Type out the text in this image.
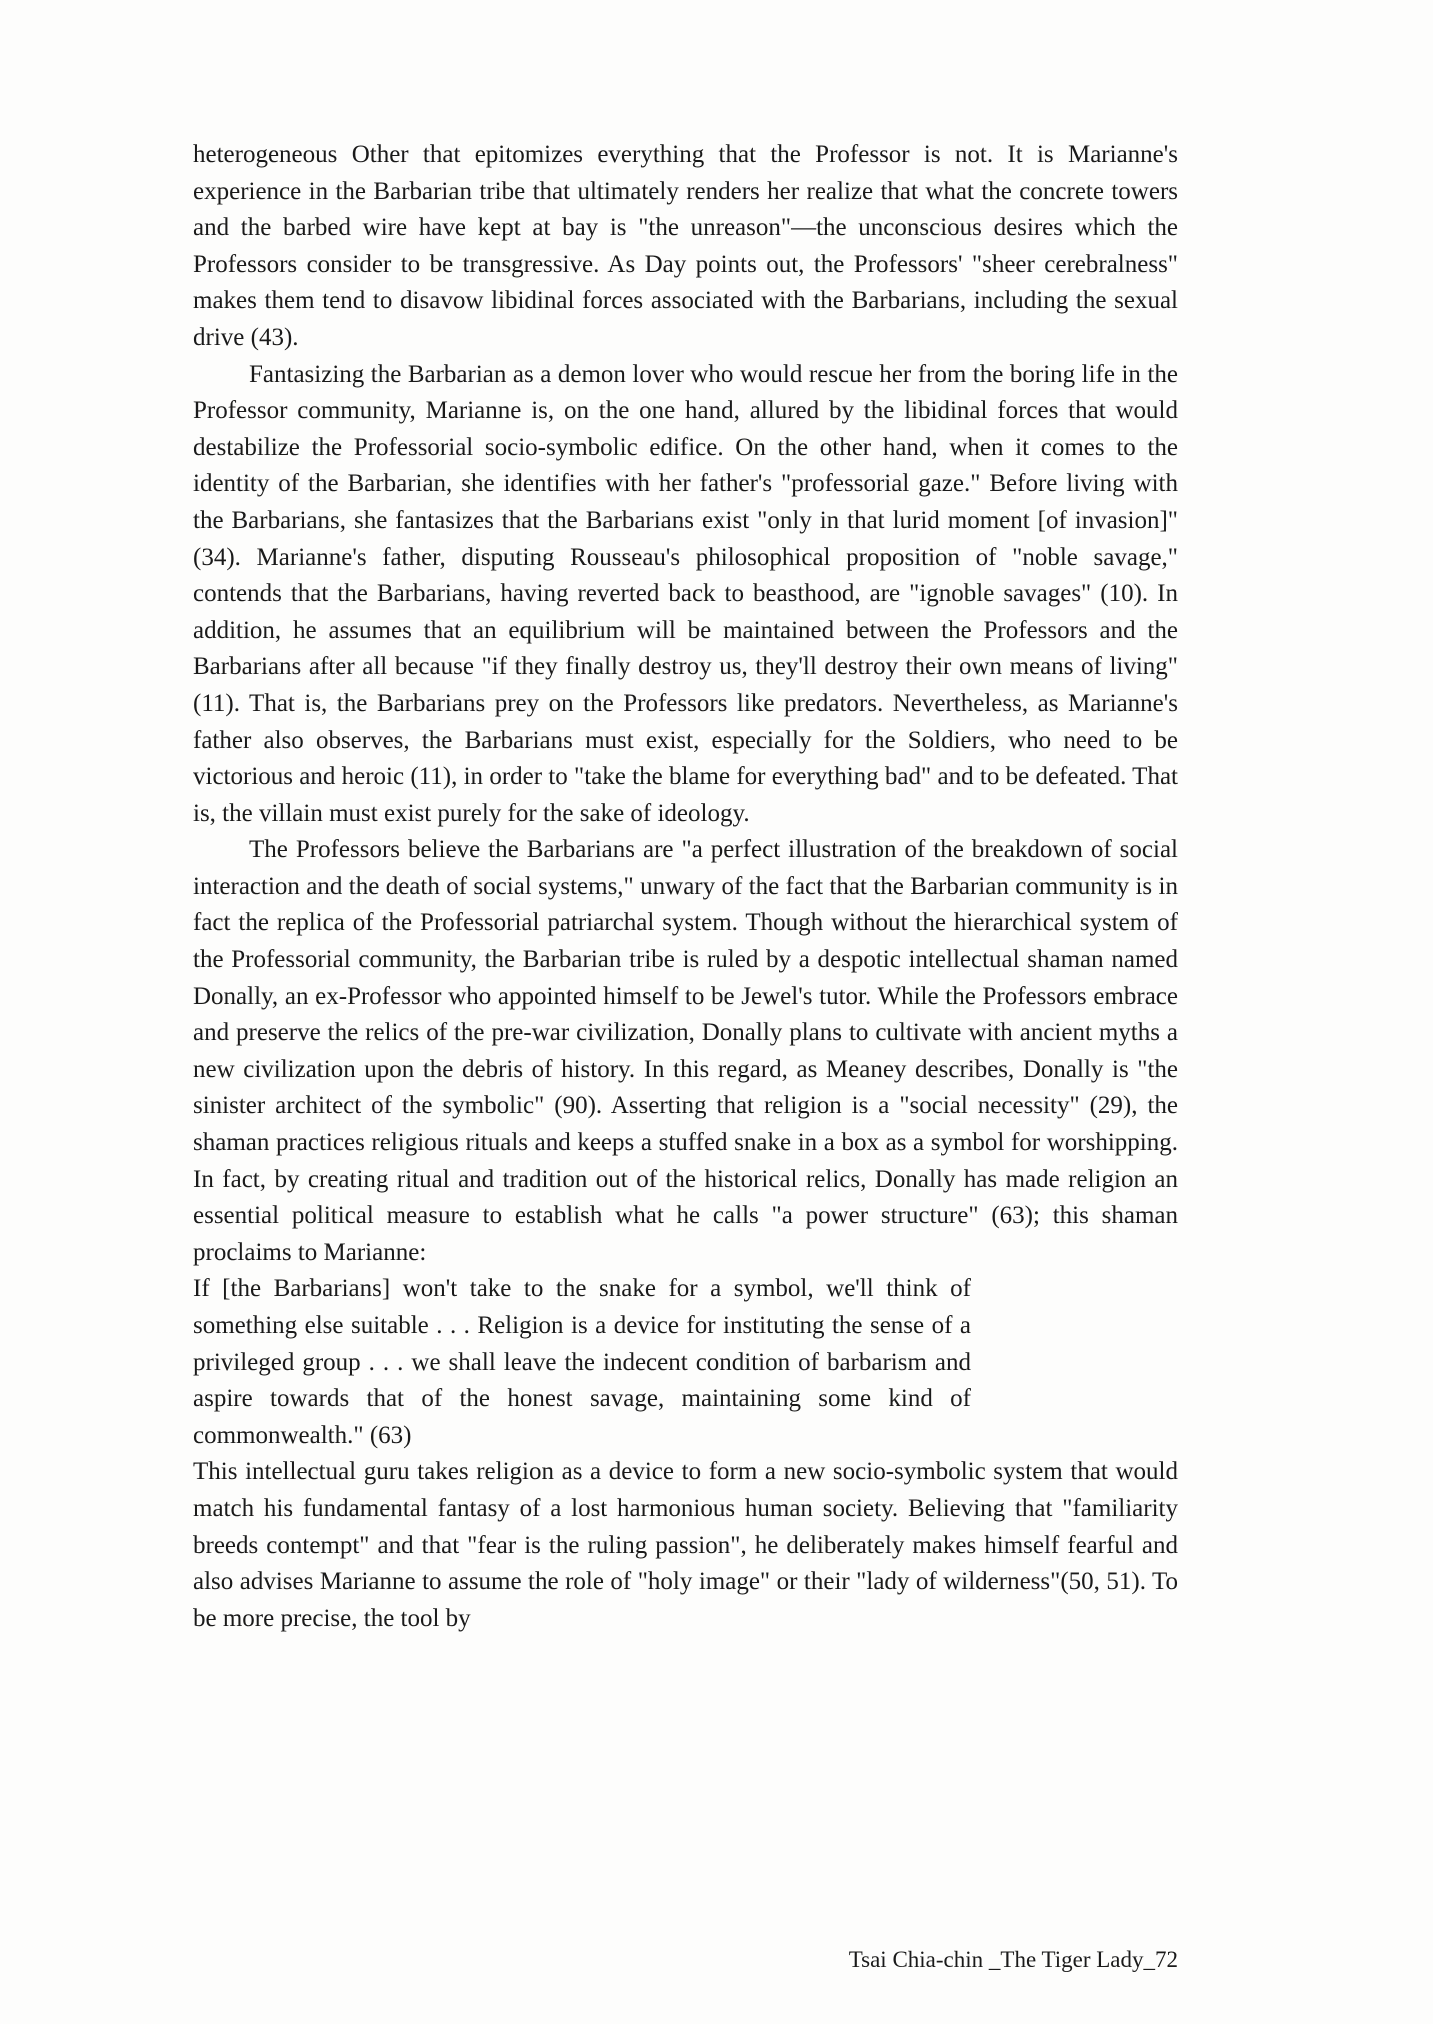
heterogeneous Other that epitomizes everything that the Professor is not. It is Marianne's experience in the Barbarian tribe that ultimately renders her realize that what the concrete towers and the barbed wire have kept at bay is "the unreason"—the unconscious desires which the Professors consider to be transgressive. As Day points out, the Professors' "sheer cerebralness" makes them tend to disavow libidinal forces associated with the Barbarians, including the sexual drive (43).

Fantasizing the Barbarian as a demon lover who would rescue her from the boring life in the Professor community, Marianne is, on the one hand, allured by the libidinal forces that would destabilize the Professorial socio-symbolic edifice. On the other hand, when it comes to the identity of the Barbarian, she identifies with her father's "professorial gaze." Before living with the Barbarians, she fantasizes that the Barbarians exist "only in that lurid moment [of invasion]" (34). Marianne's father, disputing Rousseau's philosophical proposition of "noble savage," contends that the Barbarians, having reverted back to beasthood, are "ignoble savages" (10). In addition, he assumes that an equilibrium will be maintained between the Professors and the Barbarians after all because "if they finally destroy us, they'll destroy their own means of living" (11). That is, the Barbarians prey on the Professors like predators. Nevertheless, as Marianne's father also observes, the Barbarians must exist, especially for the Soldiers, who need to be victorious and heroic (11), in order to "take the blame for everything bad" and to be defeated. That is, the villain must exist purely for the sake of ideology.

The Professors believe the Barbarians are "a perfect illustration of the breakdown of social interaction and the death of social systems," unwary of the fact that the Barbarian community is in fact the replica of the Professorial patriarchal system. Though without the hierarchical system of the Professorial community, the Barbarian tribe is ruled by a despotic intellectual shaman named Donally, an ex-Professor who appointed himself to be Jewel's tutor. While the Professors embrace and preserve the relics of the pre-war civilization, Donally plans to cultivate with ancient myths a new civilization upon the debris of history. In this regard, as Meaney describes, Donally is "the sinister architect of the symbolic" (90). Asserting that religion is a "social necessity" (29), the shaman practices religious rituals and keeps a stuffed snake in a box as a symbol for worshipping. In fact, by creating ritual and tradition out of the historical relics, Donally has made religion an essential political measure to establish what he calls "a power structure" (63); this shaman proclaims to Marianne:

If [the Barbarians] won't take to the snake for a symbol, we'll think of something else suitable . . . Religion is a device for instituting the sense of a privileged group . . . we shall leave the indecent condition of barbarism and aspire towards that of the honest savage, maintaining some kind of commonwealth." (63)

This intellectual guru takes religion as a device to form a new socio-symbolic system that would match his fundamental fantasy of a lost harmonious human society. Believing that "familiarity breeds contempt" and that "fear is the ruling passion", he deliberately makes himself fearful and also advises Marianne to assume the role of "holy image" or their "lady of wilderness"(50, 51). To be more precise, the tool by

Tsai Chia-chin _The Tiger Lady_72
